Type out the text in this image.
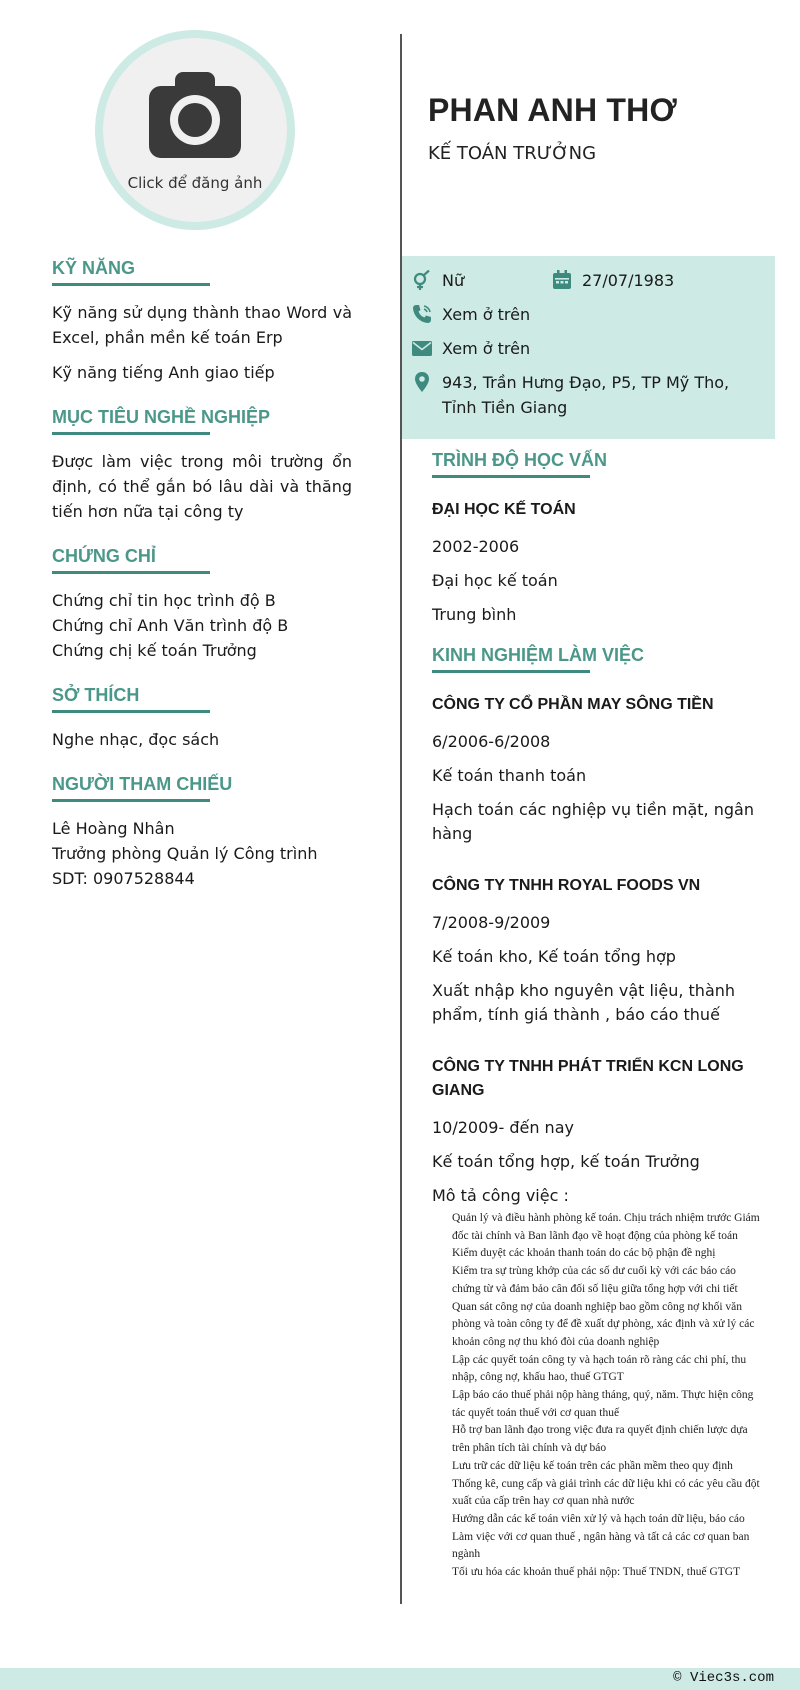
Click để đăng ảnh
PHAN ANH THƠ
KẾ TOÁN TRƯỞNG
Nữ	27/07/1983
Xem ở trên
Xem ở trên
943, Trần Hưng Đạo, P5, TP Mỹ Tho, Tỉnh Tiền Giang
KỸ NĂNG

Kỹ năng sử dụng thành thao Word và Excel, phần mền kế toán Erp

Kỹ năng tiếng Anh giao tiếp

MỤC TIÊU NGHỀ NGHIỆP

Được làm việc trong môi trường ổn định, có thể gắn bó lâu dài và thăng tiến hơn nữa tại công ty

CHỨNG CHỈ

Chứng chỉ tin học trình độ B

Chứng chỉ Anh Văn trình độ B

Chứng chị kế toán Trưởng

SỞ THÍCH

Nghe nhạc, đọc sách

NGƯỜI THAM CHIẾU

Lê Hoàng Nhân

Trưởng phòng Quản lý Công trình

SDT: 0907528844

TRÌNH ĐỘ HỌC VẤN
ĐẠI HỌC KẾ TOÁN
2002-2006
Đại học kế toán
Trung bình
KINH NGHIỆM LÀM VIỆC
CÔNG TY CỔ PHẦN MAY SÔNG TIỀN
6/2006-6/2008
Kế toán thanh toán
Hạch toán các nghiệp vụ tiền mặt, ngân hàng
CÔNG TY TNHH ROYAL FOODS VN
7/2008-9/2009
Kế toán kho, Kế toán tổng hợp
Xuất nhập kho nguyên vật liệu, thành phẩm, tính giá thành , báo cáo thuế
CÔNG TY TNHH PHÁT TRIỂN KCN LONG GIANG
10/2009- đến nay
Kế toán tổng hợp, kế toán Trưởng
Mô tả công việc :
Quản lý và điều hành phòng kế toán. Chịu trách nhiệm trước Giám đốc tài chính và Ban lãnh đạo về hoạt động của phòng kế toán
Kiểm duyệt các khoản thanh toán do các bộ phận đề nghị
Kiểm tra sự trùng khớp của các số dư cuối kỳ với các báo cáo chứng từ và đảm bảo cân đối số liệu giữa tổng hợp với chi tiết
Quan sát công nợ của doanh nghiệp bao gồm công nợ khối văn phòng và toàn công ty để đề xuất dự phòng, xác định và xử lý các khoản công nợ thu khó đòi của doanh nghiệp
Lập các quyết toán công ty và hạch toán rõ ràng các chi phí, thu nhập, công nợ, khấu hao, thuế GTGT
Lập báo cáo thuế phải nộp hàng tháng, quý, năm. Thực hiện công tác quyết toán thuế với cơ quan thuế
Hỗ trợ ban lãnh đạo trong việc đưa ra quyết định chiến lược dựa trên phân tích tài chính và dự báo
Lưu trữ các dữ liệu kế toán trên các phần mềm theo quy định
Thống kê, cung cấp và giải trình các dữ liệu khi có các yêu cầu đột xuất của cấp trên hay cơ quan nhà nước
Hướng dẫn các kế toán viên xử lý và hạch toán dữ liệu, báo cáo
Làm việc với cơ quan thuế , ngân hàng và tất cả các cơ quan ban ngành
Tối ưu hóa các khoản thuế phải nộp: Thuế TNDN, thuế GTGT
© Viec3s.com
